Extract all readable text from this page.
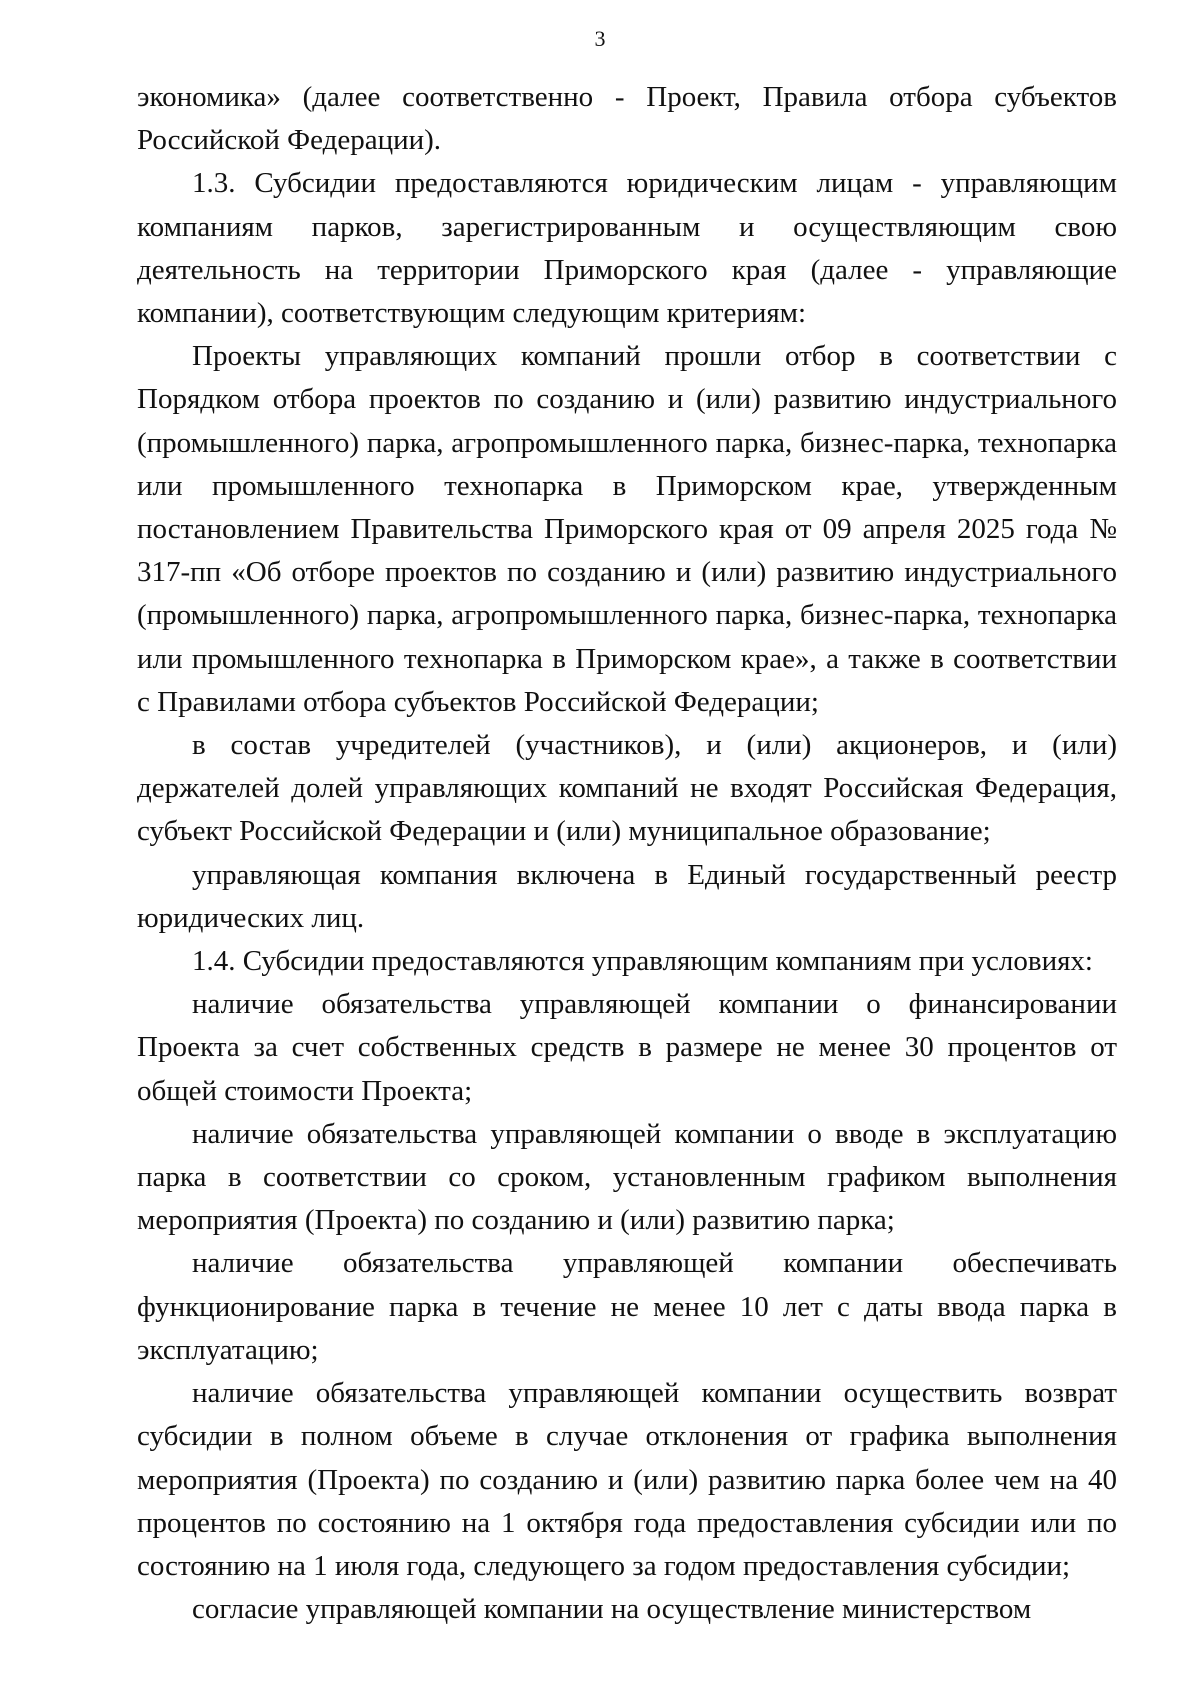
3

экономика» (далее соответственно - Проект, Правила отбора субъектов Российской Федерации).

1.3. Субсидии предоставляются юридическим лицам - управляющим компаниям парков, зарегистрированным и осуществляющим свою деятельность на территории Приморского края (далее - управляющие компании), соответствующим следующим критериям:

Проекты управляющих компаний прошли отбор в соответствии с Порядком отбора проектов по созданию и (или) развитию индустриального (промышленного) парка, агропромышленного парка, бизнес-парка, технопарка или промышленного технопарка в Приморском крае, утвержденным постановлением Правительства Приморского края от 09 апреля 2025 года № 317-пп «Об отборе проектов по созданию и (или) развитию индустриального (промышленного) парка, агропромышленного парка, бизнес-парка, технопарка или промышленного технопарка в Приморском крае», а также в соответствии с Правилами отбора субъектов Российской Федерации;

в состав учредителей (участников), и (или) акционеров, и (или) держателей долей управляющих компаний не входят Российская Федерация, субъект Российской Федерации и (или) муниципальное образование;

управляющая компания включена в Единый государственный реестр юридических лиц.

1.4. Субсидии предоставляются управляющим компаниям при условиях:

наличие обязательства управляющей компании о финансировании Проекта за счет собственных средств в размере не менее 30 процентов от общей стоимости Проекта;

наличие обязательства управляющей компании о вводе в эксплуатацию парка в соответствии со сроком, установленным графиком выполнения мероприятия (Проекта) по созданию и (или) развитию парка;

наличие обязательства управляющей компании обеспечивать функционирование парка в течение не менее 10 лет с даты ввода парка в эксплуатацию;

наличие обязательства управляющей компании осуществить возврат субсидии в полном объеме в случае отклонения от графика выполнения мероприятия (Проекта) по созданию и (или) развитию парка более чем на 40 процентов по состоянию на 1 октября года предоставления субсидии или по состоянию на 1 июля года, следующего за годом предоставления субсидии;

согласие управляющей компании на осуществление министерством
